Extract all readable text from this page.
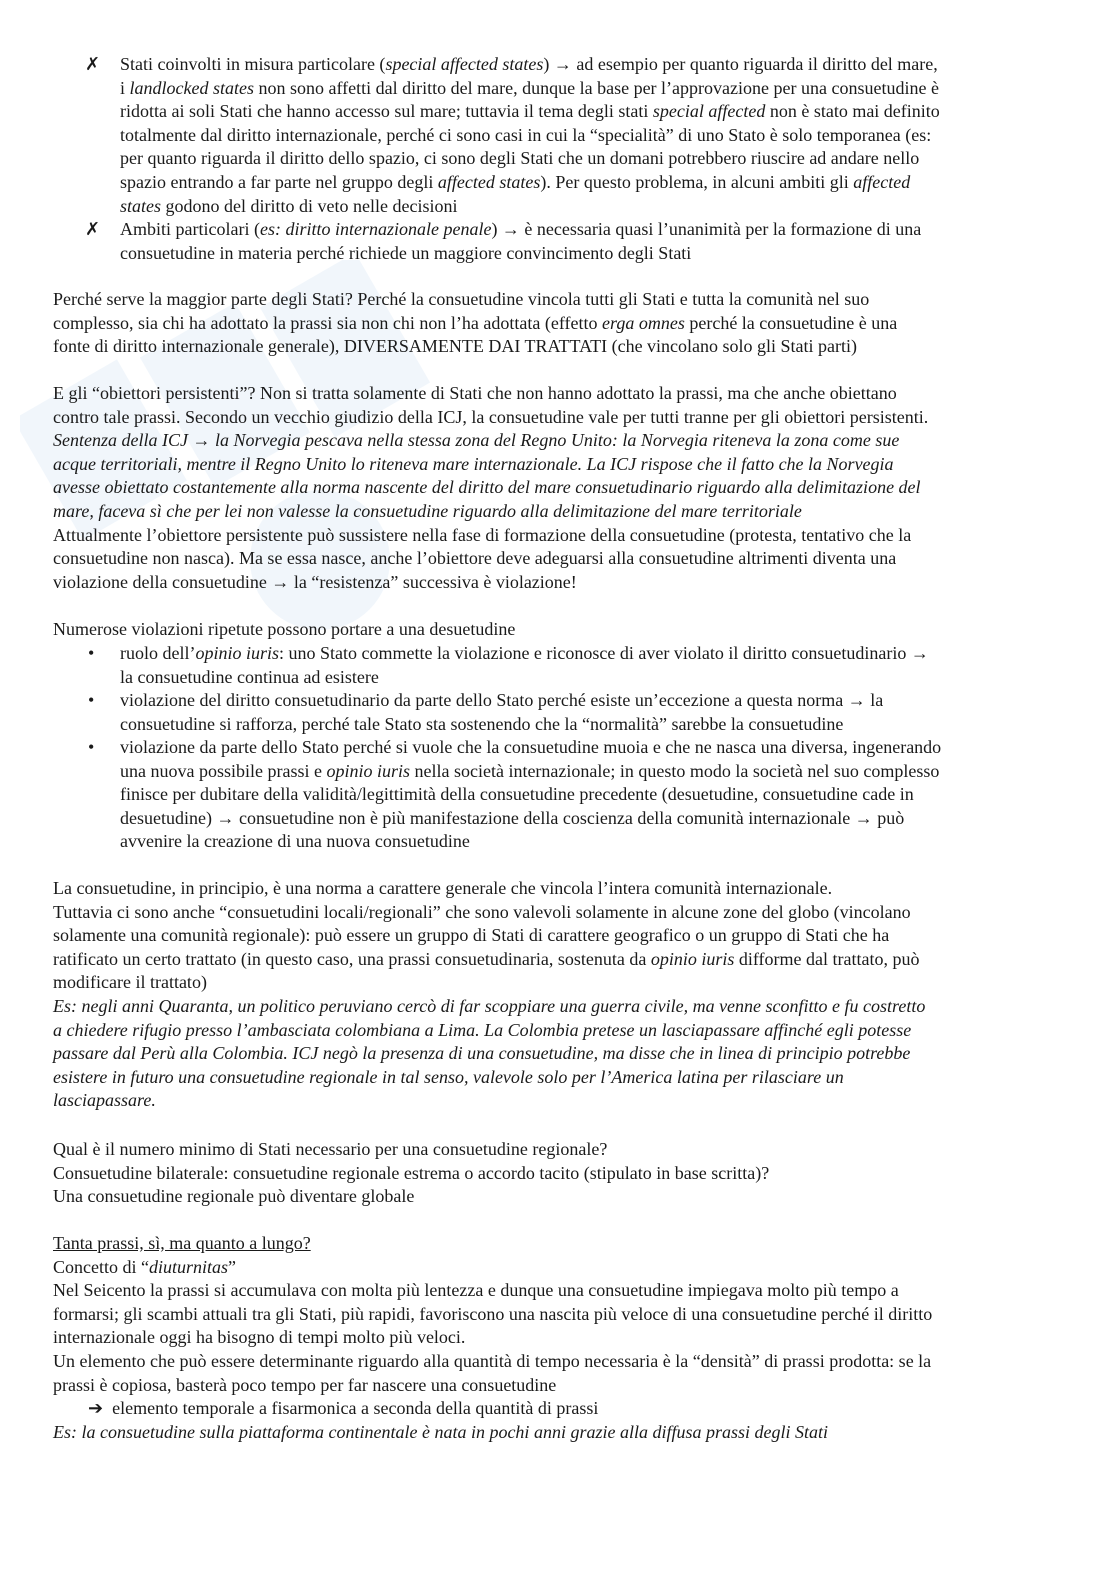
✗	Stati coinvolti in misura particolare (special affected states) → ad esempio per quanto riguarda il diritto del mare,
i landlocked states non sono affetti dal diritto del mare, dunque la base per l’approvazione per una consuetudine è
ridotta ai soli Stati che hanno accesso sul mare; tuttavia il tema degli stati special affected non è stato mai definito
totalmente dal diritto internazionale, perché ci sono casi in cui la “specialità” di uno Stato è solo temporanea (es:
per quanto riguarda il diritto dello spazio, ci sono degli Stati che un domani potrebbero riuscire ad andare nello
spazio entrando a far parte nel gruppo degli affected states). Per questo problema, in alcuni ambiti gli affected
states godono del diritto di veto nelle decisioni
✗	Ambiti particolari (es: diritto internazionale penale) → è necessaria quasi l’unanimità per la formazione di una
consuetudine in materia perché richiede un maggiore convincimento degli Stati
Perché serve la maggior parte degli Stati? Perché la consuetudine vincola tutti gli Stati e tutta la comunità nel suo
complesso, sia chi ha adottato la prassi sia non chi non l’ha adottata (effetto erga omnes perché la consuetudine è una
fonte di diritto internazionale generale), DIVERSAMENTE DAI TRATTATI (che vincolano solo gli Stati parti)
E gli “obiettori persistenti”? Non si tratta solamente di Stati che non hanno adottato la prassi, ma che anche obiettano
contro tale prassi. Secondo un vecchio giudizio della ICJ, la consuetudine vale per tutti tranne per gli obiettori persistenti.
Sentenza della ICJ → la Norvegia pescava nella stessa zona del Regno Unito: la Norvegia riteneva la zona come sue
acque territoriali, mentre il Regno Unito lo riteneva mare internazionale. La ICJ rispose che il fatto che la Norvegia
avesse obiettato costantemente alla norma nascente del diritto del mare consuetudinario riguardo alla delimitazione del
mare, faceva sì che per lei non valesse la consuetudine riguardo alla delimitazione del mare territoriale
Attualmente l’obiettore persistente può sussistere nella fase di formazione della consuetudine (protesta, tentativo che la
consuetudine non nasca). Ma se essa nasce, anche l’obiettore deve adeguarsi alla consuetudine altrimenti diventa una
violazione della consuetudine → la “resistenza” successiva è violazione!
Numerose violazioni ripetute possono portare a una desuetudine
•	ruolo dell’opinio iuris: uno Stato commette la violazione e riconosce di aver violato il diritto consuetudinario →
la consuetudine continua ad esistere
•	violazione del diritto consuetudinario da parte dello Stato perché esiste un’eccezione a questa norma → la
consuetudine si rafforza, perché tale Stato sta sostenendo che la “normalità” sarebbe la consuetudine
•	violazione da parte dello Stato perché si vuole che la consuetudine muoia e che ne nasca una diversa, ingenerando
una nuova possibile prassi e opinio iuris nella società internazionale; in questo modo la società nel suo complesso
finisce per dubitare della validità/legittimità della consuetudine precedente (desuetudine, consuetudine cade in
desuetudine) → consuetudine non è più manifestazione della coscienza della comunità internazionale → può
avvenire la creazione di una nuova consuetudine
La consuetudine, in principio, è una norma a carattere generale che vincola l’intera comunità internazionale.
Tuttavia ci sono anche “consuetudini locali/regionali” che sono valevoli solamente in alcune zone del globo (vincolano
solamente una comunità regionale): può essere un gruppo di Stati di carattere geografico o un gruppo di Stati che ha
ratificato un certo trattato (in questo caso, una prassi consuetudinaria, sostenuta da opinio iuris difforme dal trattato, può
modificare il trattato)
Es: negli anni Quaranta, un politico peruviano cercò di far scoppiare una guerra civile, ma venne sconfitto e fu costretto
a chiedere rifugio presso l’ambasciata colombiana a Lima. La Colombia pretese un lasciapassare affinché egli potesse
passare dal Perù alla Colombia. ICJ negò la presenza di una consuetudine, ma disse che in linea di principio potrebbe
esistere in futuro una consuetudine regionale in tal senso, valevole solo per l’America latina per rilasciare un
lasciapassare.
Qual è il numero minimo di Stati necessario per una consuetudine regionale?
Consuetudine bilaterale: consuetudine regionale estrema o accordo tacito (stipulato in base scritta)?
Una consuetudine regionale può diventare globale
Tanta prassi, sì, ma quanto a lungo?
Concetto di “diuturnitas”
Nel Seicento la prassi si accumulava con molta più lentezza e dunque una consuetudine impiegava molto più tempo a
formarsi; gli scambi attuali tra gli Stati, più rapidi, favoriscono una nascita più veloce di una consuetudine perché il diritto
internazionale oggi ha bisogno di tempi molto più veloci.
Un elemento che può essere determinante riguardo alla quantità di tempo necessaria è la “densità” di prassi prodotta: se la
prassi è copiosa, basterà poco tempo per far nascere una consuetudine
➔ elemento temporale a fisarmonica a seconda della quantità di prassi
Es: la consuetudine sulla piattaforma continentale è nata in pochi anni grazie alla diffusa prassi degli Stati
